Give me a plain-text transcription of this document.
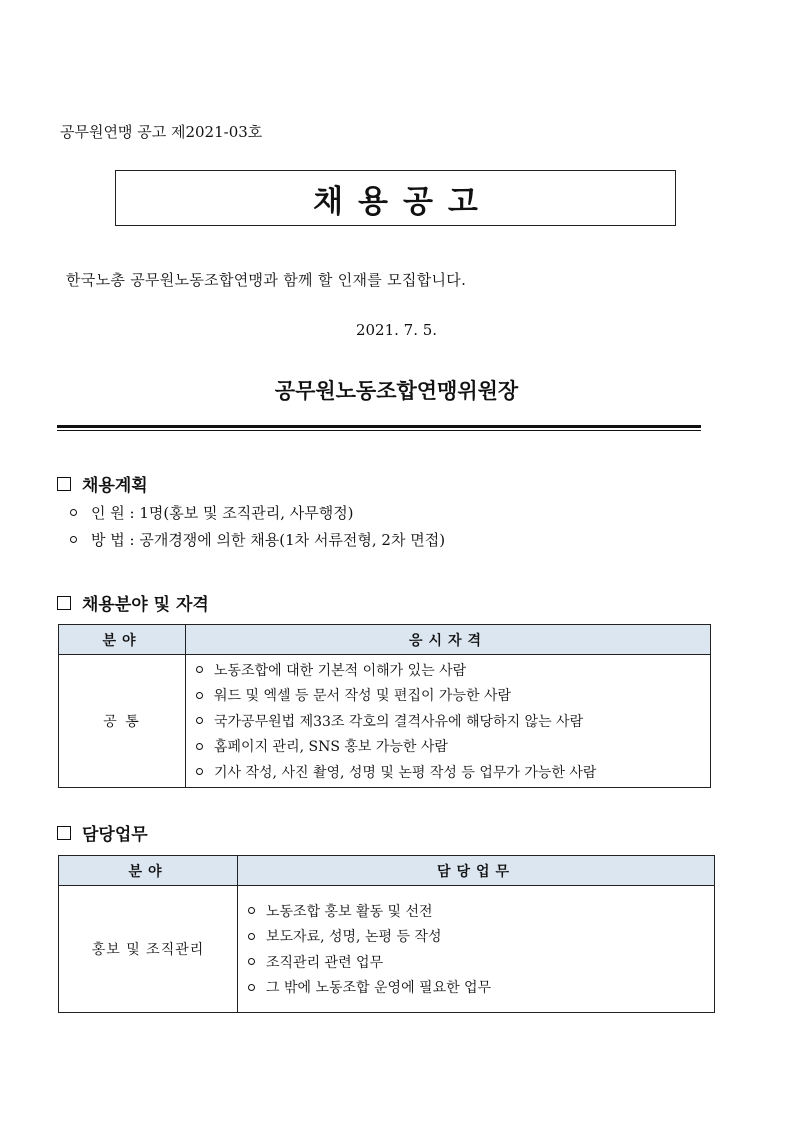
공무원연맹 공고 제2021-03호
채용공고
한국노총 공무원노동조합연맹과 함께 할 인재를 모집합니다.
2021. 7. 5.
공무원노동조합연맹위원장
채용계획
인 원 : 1명(홍보 및 조직관리, 사무행정)
방 법 : 공개경쟁에 의한 채용(1차 서류전형, 2차 면접)
채용분야 및 자격
분야	응시자격
공 통	노동조합에 대한 기본적 이해가 있는 사람
워드 및 엑셀 등 문서 작성 및 편집이 가능한 사람
국가공무원법 제33조 각호의 결격사유에 해당하지 않는 사람
홈페이지 관리, SNS 홍보 가능한 사람
기사 작성, 사진 촬영, 성명 및 논평 작성 등 업무가 가능한 사람
담당업무
분야	담당업무
홍보 및 조직관리	노동조합 홍보 활동 및 선전
보도자료, 성명, 논평 등 작성
조직관리 관련 업무
그 밖에 노동조합 운영에 필요한 업무
